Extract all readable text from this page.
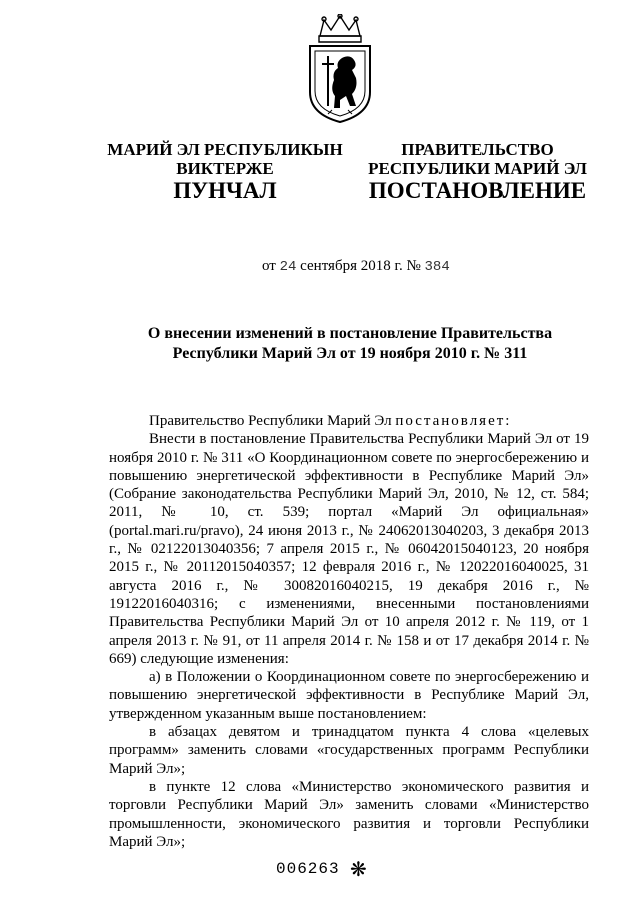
МАРИЙ ЭЛ РЕСПУБЛИКЫН
ВИКТЕРЖЕ
ПУНЧАЛ
ПРАВИТЕЛЬСТВО
РЕСПУБЛИКИ МАРИЙ ЭЛ
ПОСТАНОВЛЕНИЕ
от 24 сентября 2018 г. № 384
О внесении изменений в постановление Правительства
Республики Марий Эл от 19 ноября 2010 г. № 311

Правительство Республики Марий Эл постановляет:

Внести в постановление Правительства Республики Марий Эл от 19 ноября 2010 г. № 311 «О Координационном совете по энергосбережению и повышению энергетической эффективности в Республике Марий Эл» (Собрание законодательства Республики Марий Эл, 2010, № 12, ст. 584; 2011, № 10, ст. 539; портал «Марий Эл официальная» (portal.mari.ru/pravo), 24 июня 2013 г., № 24062013040203, 3 декабря 2013 г., № 02122013040356; 7 апреля 2015 г., № 06042015040123, 20 ноября 2015 г., № 20112015040357; 12 февраля 2016 г., № 12022016040025, 31 августа 2016 г., № 30082016040215, 19 декабря 2016 г., № 19122016040316; с изменениями, внесенными постановлениями Правительства Республики Марий Эл от 10 апреля 2012 г. № 119, от 1 апреля 2013 г. № 91, от 11 апреля 2014 г. № 158 и от 17 декабря 2014 г. № 669) следующие изменения:

а) в Положении о Координационном совете по энергосбережению и повышению энергетической эффективности в Республике Марий Эл, утвержденном указанным выше постановлением:

в абзацах девятом и тринадцатом пункта 4 слова «целевых программ» заменить словами «государственных программ Республики Марий Эл»;

в пункте 12 слова «Министерство экономического развития и торговли Республики Марий Эл» заменить словами «Министерство промышленности, экономического развития и торговли Республики Марий Эл»;

006263 ❋
